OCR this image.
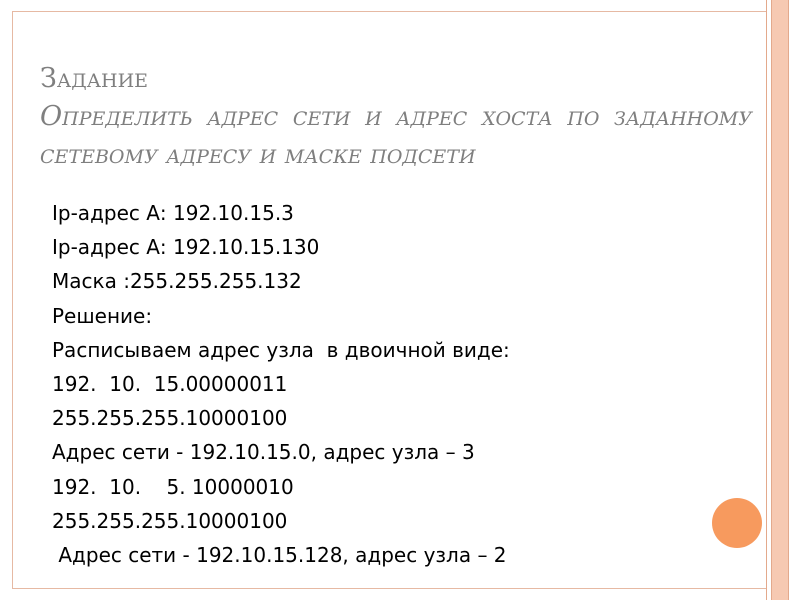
Задание
Определить адрес сети и адрес хоста по заданному
сетевому адресу и маске подсети
Ip-адрес А: 192.10.15.3
Ip-адрес А: 192.10.15.130
Маска :255.255.255.132
Решение:
Расписываем адрес узла  в двоичной виде:
192.  10.  15.00000011
255.255.255.10000100
Адрес сети - 192.10.15.0, адрес узла – 3
192.  10.    5. 10000010
255.255.255.10000100
Адрес сети - 192.10.15.128, адрес узла – 2
